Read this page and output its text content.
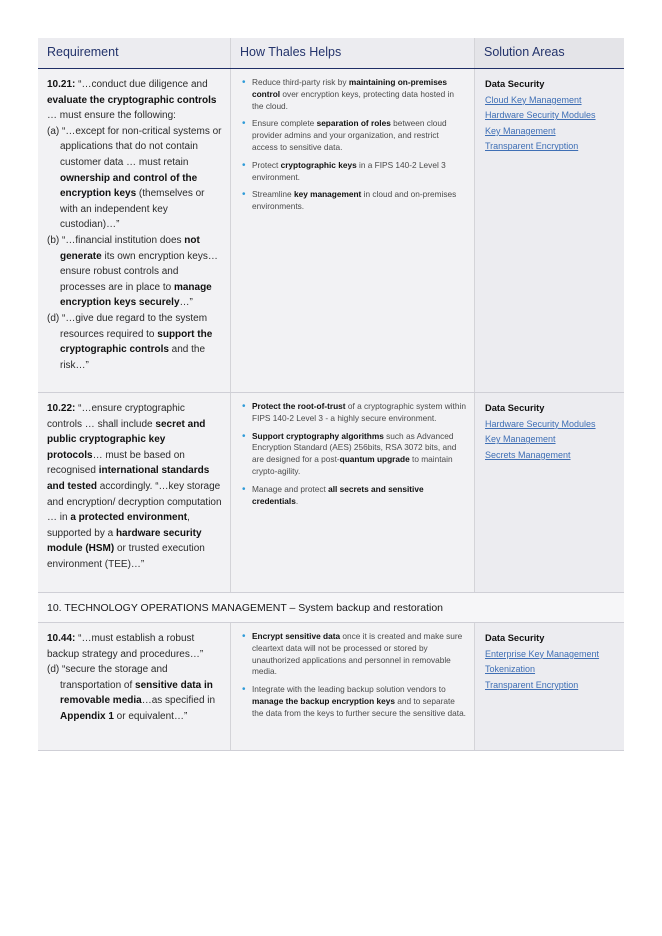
Requirement	How Thales Helps	Solution Areas

10.21: “…conduct due diligence and evaluate the cryptographic controls … must ensure the following:

(a) “…except for non-critical systems or applications that do not contain customer data … must retain ownership and control of the encryption keys (themselves or with an independent key custodian)…”

(b) “…financial institution does not generate its own encryption keys… ensure robust controls and processes are in place to manage encryption keys securely…”

(d) “…give due regard to the system resources required to support the cryptographic controls and the risk…”

• Reduce third-party risk by maintaining on-premises control over encryption keys, protecting data hosted in the cloud.
• Ensure complete separation of roles between cloud provider admins and your organization, and restrict access to sensitive data.
• Protect cryptographic keys in a FIPS 140-2 Level 3 environment.
• Streamline key management in cloud and on-premises environments.
Data Security
Cloud Key Management
Hardware Security Modules
Key Management
Transparent Encryption

10.22: “…ensure cryptographic controls … shall include secret and public cryptographic key protocols… must be based on recognised international standards and tested accordingly. “…key storage and encryption/ decryption computation … in a protected environment, supported by a hardware security module (HSM) or trusted execution environment (TEE)…”

• Protect the root-of-trust of a cryptographic system within FIPS 140-2 Level 3 - a highly secure environment.
• Support cryptography algorithms such as Advanced Encryption Standard (AES) 256bits, RSA 3072 bits, and are designed for a post-quantum upgrade to maintain crypto-agility.
• Manage and protect all secrets and sensitive credentials.
Data Security
Hardware Security Modules
Key Management
Secrets Management
10. TECHNOLOGY OPERATIONS MANAGEMENT – System backup and restoration

10.44: “…must establish a robust backup strategy and procedures…”

(d) “secure the storage and transportation of sensitive data in removable media…as specified in Appendix 1 or equivalent…”

• Encrypt sensitive data once it is created and make sure cleartext data will not be processed or stored by unauthorized applications and personnel in removable media.
• Integrate with the leading backup solution vendors to manage the backup encryption keys and to separate the data from the keys to further secure the sensitive data.
Data Security
Enterprise Key Management
Tokenization
Transparent Encryption
